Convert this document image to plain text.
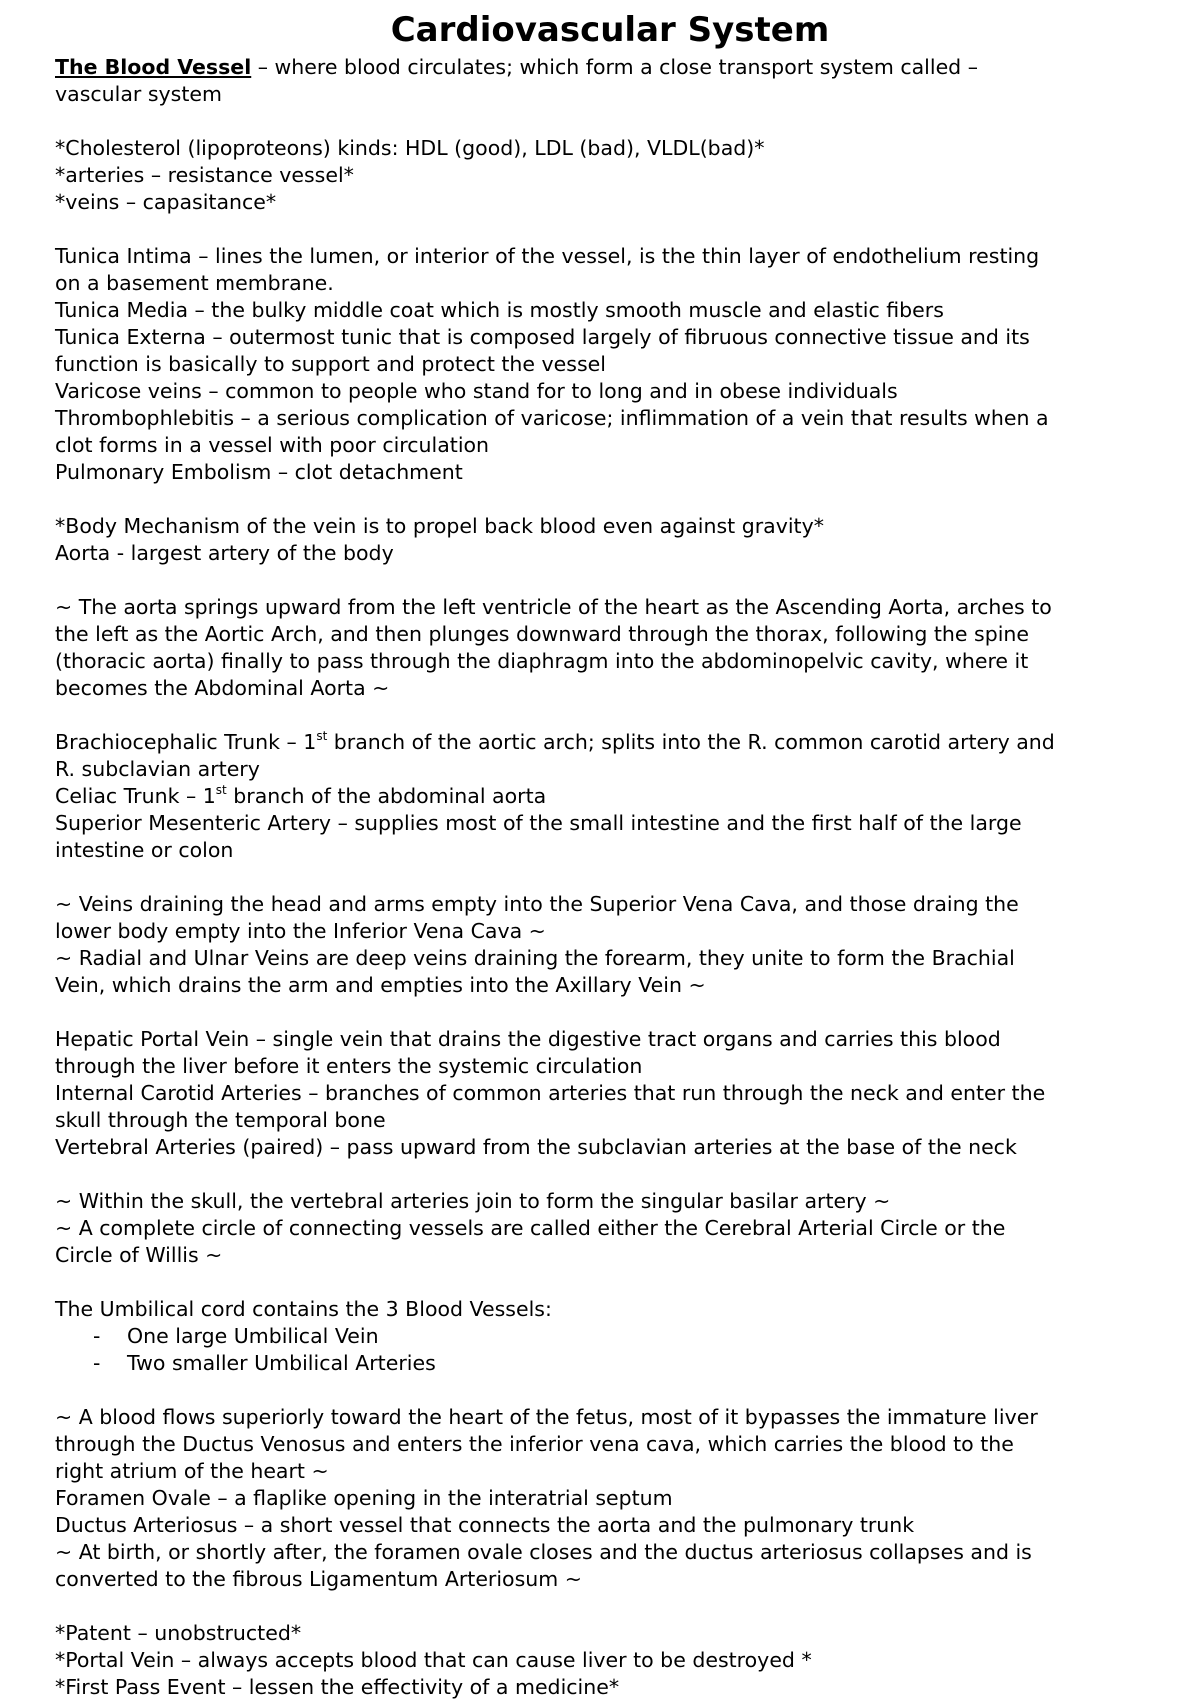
Cardiovascular System
The Blood Vessel – where blood circulates; which form a close transport system called –
vascular system
*Cholesterol (lipoproteons) kinds: HDL (good), LDL (bad), VLDL(bad)*
*arteries – resistance vessel*
*veins – capasitance*
Tunica Intima – lines the lumen, or interior of the vessel, is the thin layer of endothelium resting
on a basement membrane.
Tunica Media – the bulky middle coat which is mostly smooth muscle and elastic fibers
Tunica Externa – outermost tunic that is composed largely of fibruous connective tissue and its
function is basically to support and protect the vessel
Varicose veins – common to people who stand for to long and in obese individuals
Thrombophlebitis – a serious complication of varicose; inflimmation of a vein that results when a
clot forms in a vessel with poor circulation
Pulmonary Embolism – clot detachment
*Body Mechanism of the vein is to propel back blood even against gravity*
Aorta - largest artery of the body
~ The aorta springs upward from the left ventricle of the heart as the Ascending Aorta, arches to
the left as the Aortic Arch, and then plunges downward through the thorax, following the spine
(thoracic aorta) finally to pass through the diaphragm into the abdominopelvic cavity, where it
becomes the Abdominal Aorta ~
Brachiocephalic Trunk – 1st branch of the aortic arch; splits into the R. common carotid artery and
R. subclavian artery
Celiac Trunk – 1st branch of the abdominal aorta
Superior Mesenteric Artery – supplies most of the small intestine and the first half of the large
intestine or colon
~ Veins draining the head and arms empty into the Superior Vena Cava, and those draing the
lower body empty into the Inferior Vena Cava ~
~ Radial and Ulnar Veins are deep veins draining the forearm, they unite to form the Brachial
Vein, which drains the arm and empties into the Axillary Vein ~
Hepatic Portal Vein – single vein that drains the digestive tract organs and carries this blood
through the liver before it enters the systemic circulation
Internal Carotid Arteries – branches of common arteries that run through the neck and enter the
skull through the temporal bone
Vertebral Arteries (paired) – pass upward from the subclavian arteries at the base of the neck
~ Within the skull, the vertebral arteries join to form the singular basilar artery ~
~ A complete circle of connecting vessels are called either the Cerebral Arterial Circle or the
Circle of Willis ~
The Umbilical cord contains the 3 Blood Vessels:
- One large Umbilical Vein
- Two smaller Umbilical Arteries
~ A blood flows superiorly toward the heart of the fetus, most of it bypasses the immature liver
through the Ductus Venosus and enters the inferior vena cava, which carries the blood to the
right atrium of the heart ~
Foramen Ovale – a flaplike opening in the interatrial septum
Ductus Arteriosus – a short vessel that connects the aorta and the pulmonary trunk
~ At birth, or shortly after, the foramen ovale closes and the ductus arteriosus collapses and is
converted to the fibrous Ligamentum Arteriosum ~
*Patent – unobstructed*
*Portal Vein – always accepts blood that can cause liver to be destroyed *
*First Pass Event – lessen the effectivity of a medicine*
